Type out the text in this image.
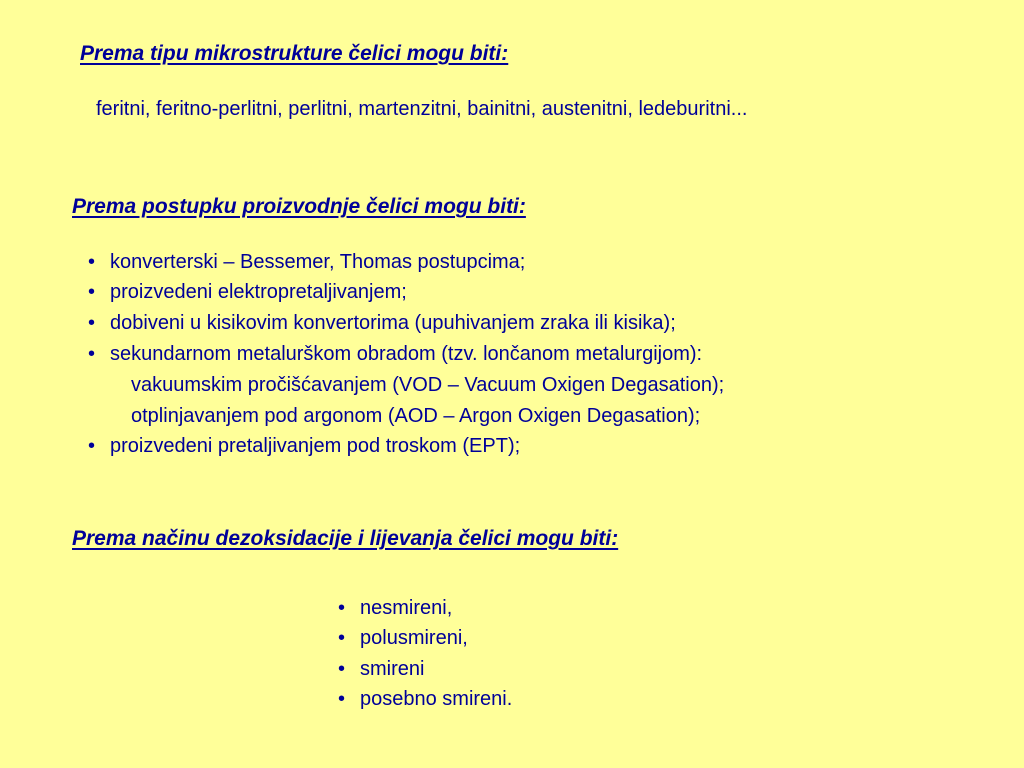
Prema tipu mikrostrukture čelici mogu biti:
feritni, feritno-perlitni, perlitni, martenzitni, bainitni, austenitni, ledeburitni...
Prema postupku proizvodnje čelici mogu biti:
• konverterski – Bessemer, Thomas postupcima;
• proizvedeni elektropretaljivanjem;
• dobiveni u kisikovim konvertorima (upuhivanjem zraka ili kisika);
• sekundarnom metalurškom obradom (tzv. lončanom metalurgijom):
vakuumskim pročišćavanjem (VOD – Vacuum Oxigen Degasation);
otplinjavanjem pod argonom (AOD – Argon Oxigen Degasation);
• proizvedeni pretaljivanjem pod troskom (EPT);
Prema načinu dezoksidacije i lijevanja čelici mogu biti:
• nesmireni,
• polusmireni,
• smireni
• posebno smireni.
